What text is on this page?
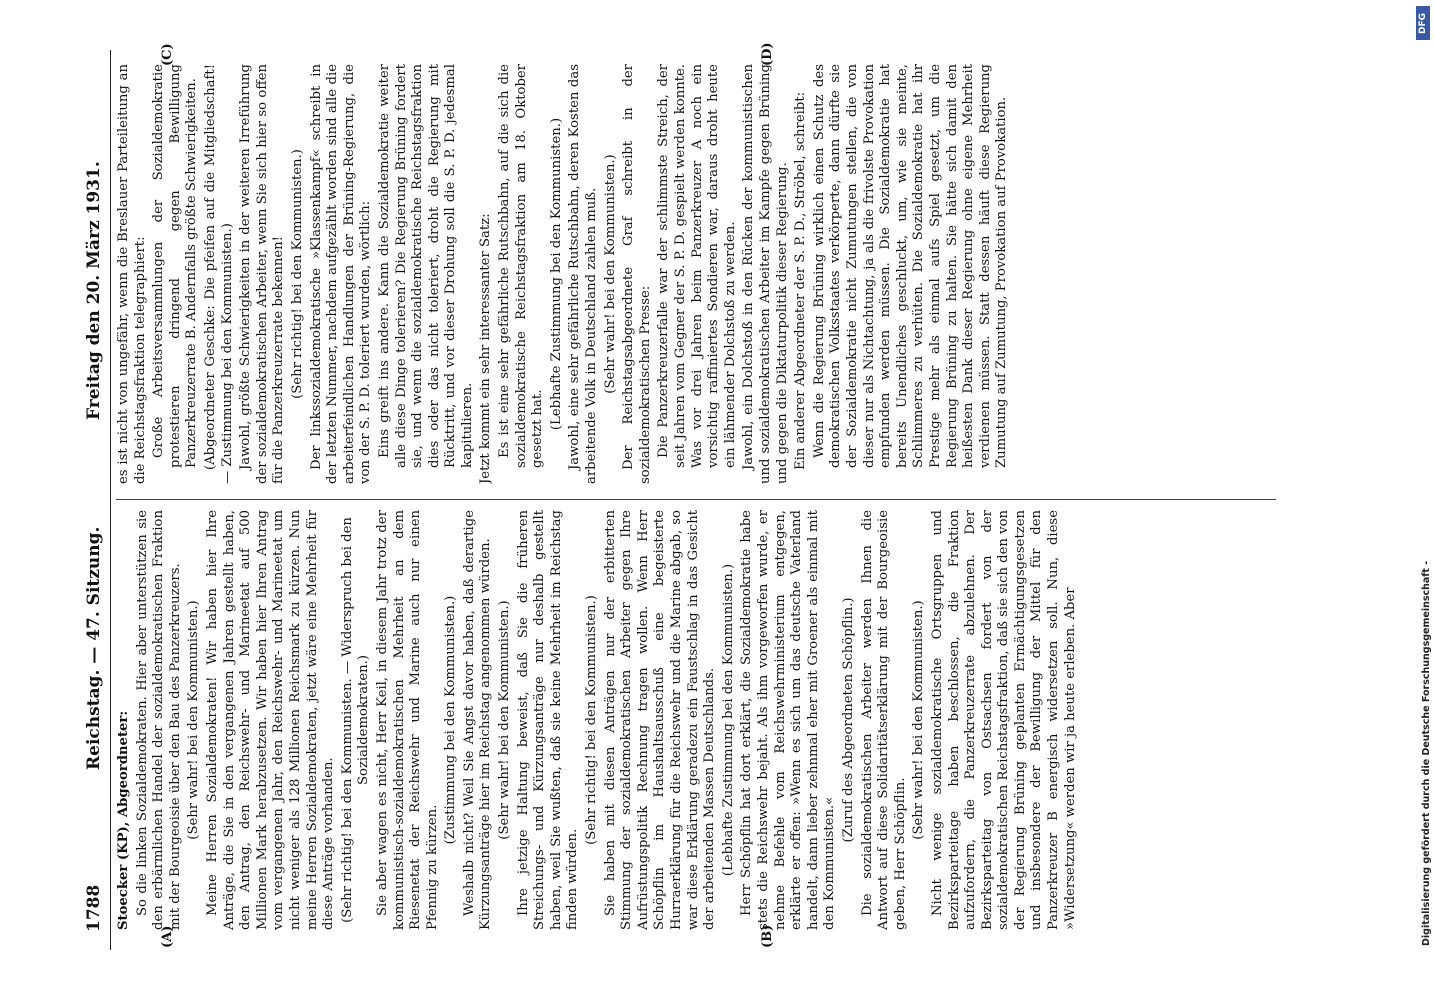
1788
Reichstag. — 47. Sitzung.
Freitag den 20. März 1931.
(A)	(B)
(C)	(D)

Stoecker (KP), Abgeordneter: So die linken Sozialdemokraten. Hier aber unterstützen sie den erbärmlichen Handel der sozialdemokratischen Fraktion mit der Bourgeoisie über den Bau des Panzerkreuzers. (Sehr wahr! bei den Kommunisten.) Meine Herren Sozialdemokraten! Wir haben hier Ihre Anträge, die Sie in den vergangenen Jahren gestellt haben, den Antrag, den Reichswehr- und Marineetat auf 500 Millionen Mark herabzusetzen. Wir haben hier Ihren Antrag vom vergangenen Jahr, den Reichswehr- und Marineetat um nicht weniger als 128 Millionen Reichsmark zu kürzen. Nun meine Herren Sozialdemokraten, jetzt wäre eine Mehrheit für diese Anträge vorhanden. (Sehr richtig! bei den Kommunisten. — Widerspruch bei den Sozialdemokraten.) Sie aber wagen es nicht, Herr Keil, in diesem Jahr trotz der kommunistisch-sozialdemokratischen Mehrheit an dem Riesenetat der Reichswehr und Marine auch nur einen Pfennig zu kürzen.

(Zustimmung bei den Kommunisten.) Weshalb nicht? Weil Sie Angst davor haben, daß derartige Kürzungsanträge hier im Reichstag angenommen würden. (Sehr wahr! bei den Kommunisten.) Ihre jetzige Haltung beweist, daß Sie die früheren Streichungs- und Kürzungsanträge nur deshalb gestellt haben, weil Sie wußten, daß sie keine Mehrheit im Reichstag finden würden.

(Sehr richtig! bei den Kommunisten.) Sie haben mit diesen Anträgen nur der erbitterten Stimmung der sozialdemokratischen Arbeiter gegen Ihre Aufrüstungspolitik Rechnung tragen wollen. Wenn Herr Schöpflin im Haushaltsausschuß eine begeisterte Hurraerklärung für die Reichswehr und die Marine abgab, so war diese Erklärung geradezu ein Faustschlag in das Gesicht der arbeitenden Massen Deutschlands. (Lebhafte Zustimmung bei den Kommunisten.) Herr Schöpflin hat dort erklärt, die Sozialdemokratie habe stets die Reichswehr bejaht. Als ihm vorgeworfen wurde, er nehme Befehle vom Reichswehrministerium entgegen, erklärte er offen: »Wenn es sich um das deutsche Vaterland handelt, dann lieber zehnmal eher mit Groener als einmal mit den Kommunisten.«

(Zuruf des Abgeordneten Schöpflin.) Die sozialdemokratischen Arbeiter werden Ihnen die Antwort auf diese Solidaritätserklärung mit der Bourgeoisie geben, Herr Schöpflin.

(Sehr wahr! bei den Kommunisten.) Nicht wenige sozialdemokratische Ortsgruppen und Bezirksparteitage haben beschlossen, die Fraktion aufzufordern, die Panzerkreuzerrate abzulehnen. Der Bezirksparteitag von Ostsachsen fordert von der sozialdemokratischen Reichstagsfraktion, daß sie sich den von der Regierung Brüning geplanten Ermächtigungsgesetzen und insbesondere der Bewilligung der Mittel für den Panzerkreuzer B energisch widersetzen soll. Nun, diese »Widersetzung« werden wir ja heute erleben. Aber

es ist nicht von ungefähr, wenn die Breslauer Parteileitung an die Reichstagsfraktion telegraphiert: Große Arbeitsversammlungen der Sozialdemokratie protestieren dringend gegen Bewilligung Panzerkreuzerrate B. Andernfalls größte Schwierigkeiten. (Abgeordneter Geschke: Die pfeifen auf die Mitgliedschaft! — Zustimmung bei den Kommunisten.) Jawohl, größte Schwierigkeiten in der weiteren Irreführung der sozialdemokratischen Arbeiter, wenn Sie sich hier so offen für die Panzerkreuzerrate bekennen! (Sehr richtig! bei den Kommunisten.) Der linkssozialdemokratische »Klassenkampf« schreibt in der letzten Nummer, nachdem aufgezählt worden sind alle die arbeiterfeindlichen Handlungen der Brüning-Regierung, die von der S. P. D. toleriert wurden, wörtlich: Eins greift ins andere. Kann die Sozialdemokratie weiter alle diese Dinge tolerieren? Die Regierung Brüning fordert sie, und wenn die sozialdemokratische Reichstagsfraktion dies oder das nicht toleriert, droht die Regierung mit Rücktritt, und vor dieser Drohung soll die S. P. D. jedesmal kapitulieren. Jetzt kommt ein sehr interessanter Satz: Es ist eine sehr gefährliche Rutschbahn, auf die sich die sozialdemokratische Reichstagsfraktion am 18. Oktober gesetzt hat. (Lebhafte Zustimmung bei den Kommunisten.) Jawohl, eine sehr gefährliche Rutschbahn, deren Kosten das arbeitende Volk in Deutschland zahlen muß. (Sehr wahr! bei den Kommunisten.) Der Reichstagsabgeordnete Graf schreibt in der sozialdemokratischen Presse: Die Panzerkreuzerfalle war der schlimmste Streich, der seit Jahren vom Gegner der S. P. D. gespielt werden konnte. Was vor drei Jahren beim Panzerkreuzer A noch ein vorsichtig raffiniertes Sondieren war, daraus droht heute ein lähmender Dolchstoß zu werden. Jawohl, ein Dolchstoß in den Rücken der kommunistischen und sozialdemokratischen Arbeiter im Kampfe gegen Brüning und gegen die Diktaturpolitik dieser Regierung. Ein anderer Abgeordneter der S. P. D., Ströbel, schreibt: Wenn die Regierung Brüning wirklich einen Schutz des demokratischen Volksstaates verkörperte, dann dürfte sie der Sozialdemokratie nicht Zumutungen stellen, die von dieser nur als Nichtachtung, ja als die frivolste Provokation empfunden werden müssen. Die Sozialdemokratie hat bereits Unendliches geschluckt, um, wie sie meinte, Schlimmeres zu verhüten. Die Sozialdemokratie hat ihr Prestige mehr als einmal aufs Spiel gesetzt, um die Regierung Brüning zu halten. Sie hätte sich damit den heißesten Dank dieser Regierung ohne eigene Mehrheit verdienen müssen. Statt dessen häuft diese Regierung Zumutung auf Zumutung, Provokation auf Provokation.

Digitalisierung gefördert durch die Deutsche Forschungsgemeinschaft -
DFG
